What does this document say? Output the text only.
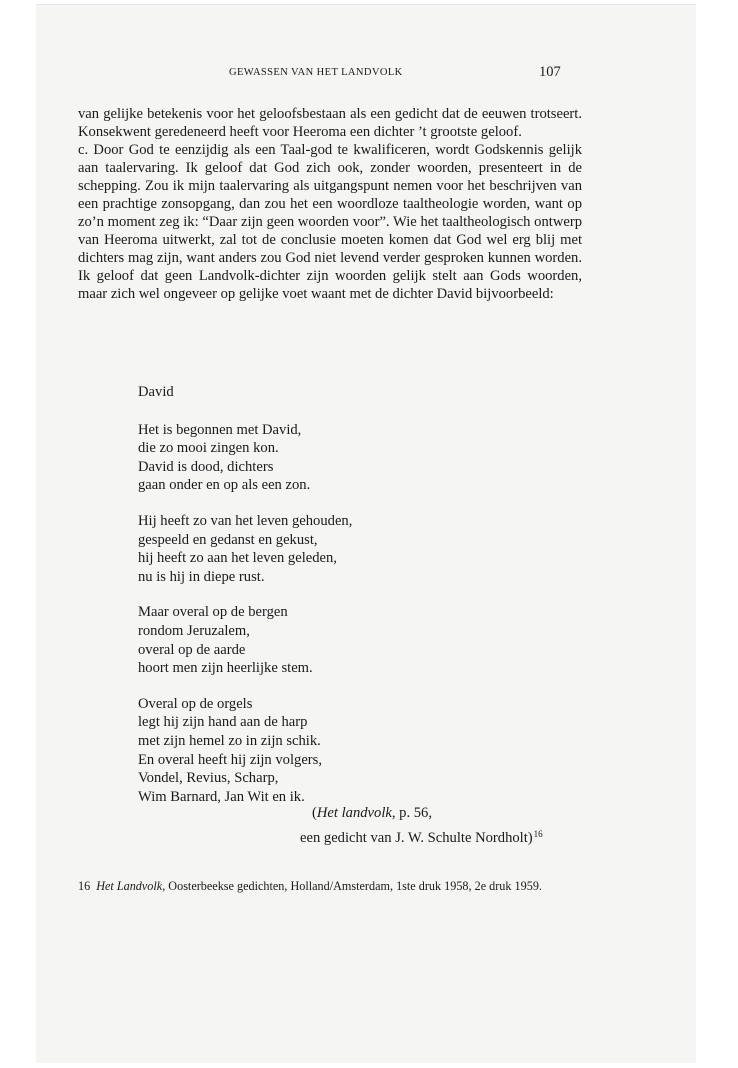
GEWASSEN VAN HET LANDVOLK	107

van gelijke betekenis voor het geloofsbestaan als een gedicht dat de eeuwen trotseert. Konsekwent geredeneerd heeft voor Heeroma een dichter ’t grootste geloof.

c. Door God te eenzijdig als een Taal-god te kwalificeren, wordt Godskennis gelijk aan taalervaring. Ik geloof dat God zich ook, zonder woorden, presenteert in de schepping. Zou ik mijn taalervaring als uitgangspunt nemen voor het beschrijven van een prachtige zonsopgang, dan zou het een woordloze taaltheologie worden, want op zo’n moment zeg ik: “Daar zijn geen woorden voor”. Wie het taaltheologisch ontwerp van Heeroma uitwerkt, zal tot de conclusie moeten komen dat God wel erg blij met dichters mag zijn, want anders zou God niet levend verder gesproken kunnen worden. Ik geloof dat geen Landvolk-dichter zijn woorden gelijk stelt aan Gods woorden, maar zich wel ongeveer op gelijke voet waant met de dichter David bijvoorbeeld:

David
Het is begonnen met David,
die zo mooi zingen kon.
David is dood, dichters
gaan onder en op als een zon.
Hij heeft zo van het leven gehouden,
gespeeld en gedanst en gekust,
hij heeft zo aan het leven geleden,
nu is hij in diepe rust.
Maar overal op de bergen
rondom Jeruzalem,
overal op de aarde
hoort men zijn heerlijke stem.
Overal op de orgels
legt hij zijn hand aan de harp
met zijn hemel zo in zijn schik.
En overal heeft hij zijn volgers,
Vondel, Revius, Scharp,
Wim Barnard, Jan Wit en ik.
(Het landvolk, p. 56,
een gedicht van J. W. Schulte Nordholt)$^{16}$
16 Het Landvolk, Oosterbeekse gedichten, Holland/Amsterdam, 1ste druk 1958, 2e druk 1959.
